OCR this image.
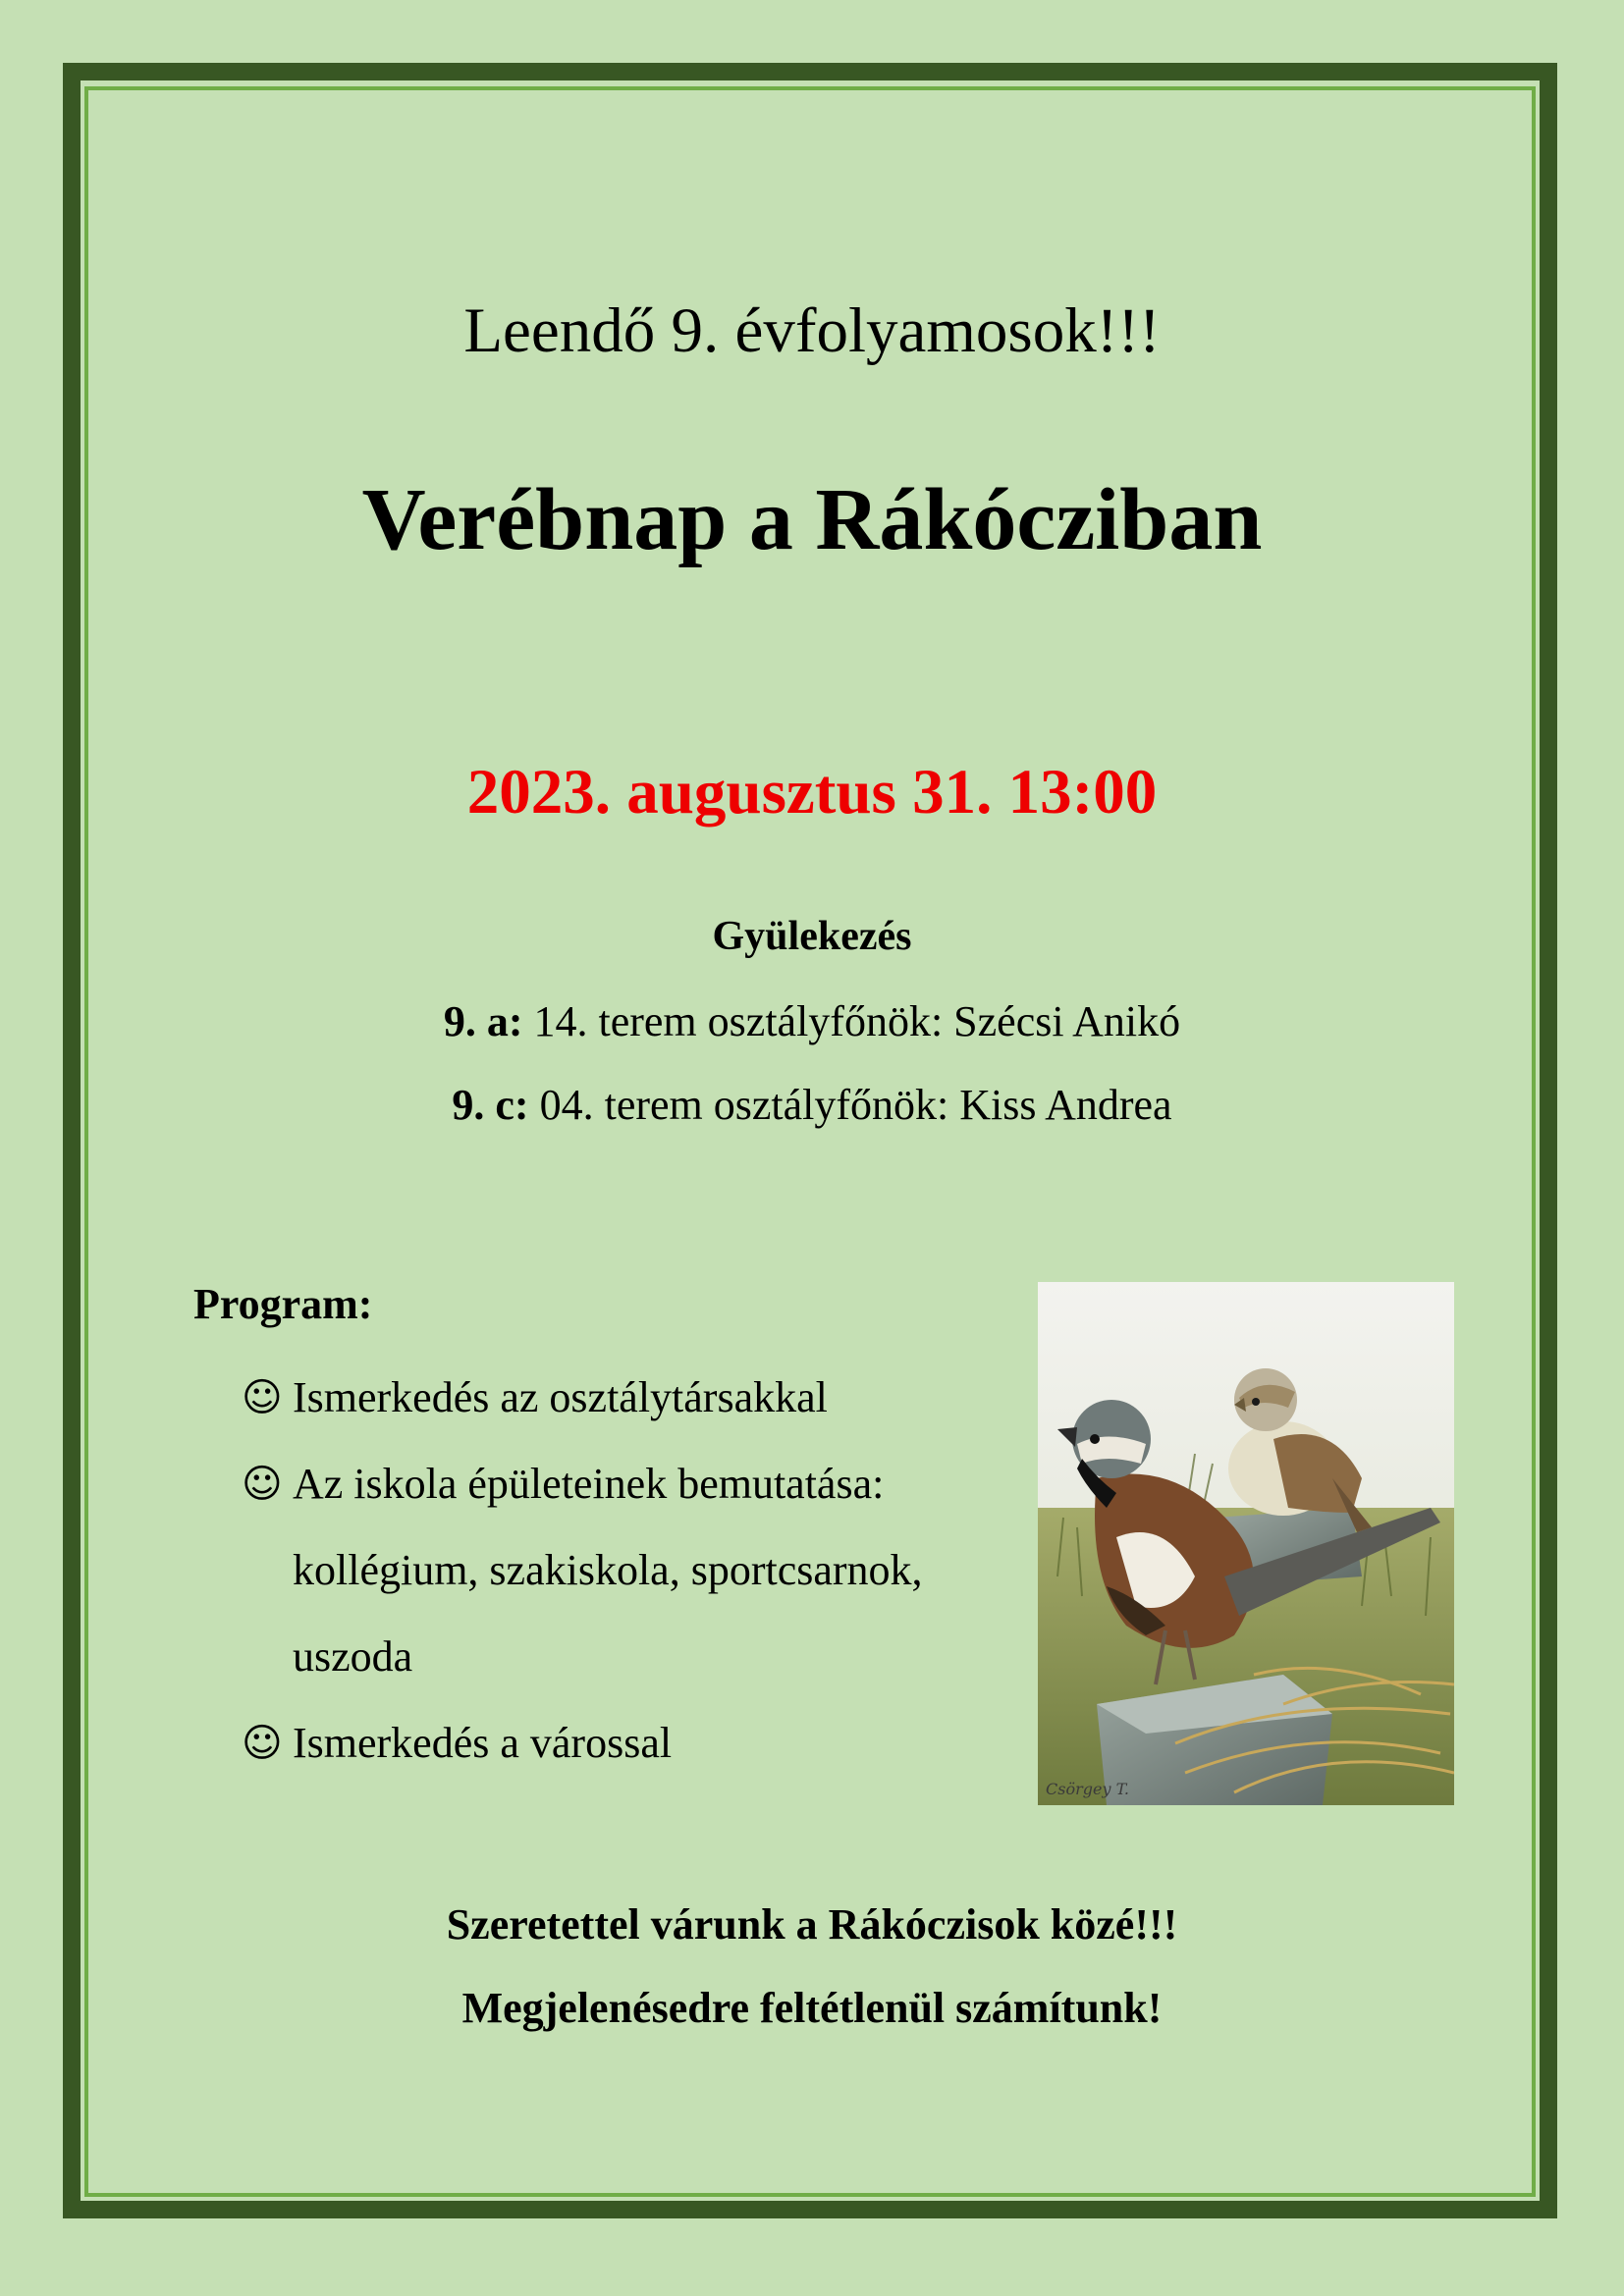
Leendő 9. évfolyamosok!!!
Verébnap a Rákócziban
2023. augusztus 31. 13:00
Gyülekezés
9. a: 14. terem osztályfőnök: Szécsi Anikó
9. c: 04. terem osztályfőnök: Kiss Andrea
Program:
☺ Ismerkedés az osztálytársakkal
☺ Az iskola épületeinek bemutatása:
kollégium, szakiskola, sportcsarnok,
uszoda
☺ Ismerkedés a várossal
Csörgey T.
Szeretettel várunk a Rákóczisok közé!!!
Megjelenésedre feltétlenül számítunk!
